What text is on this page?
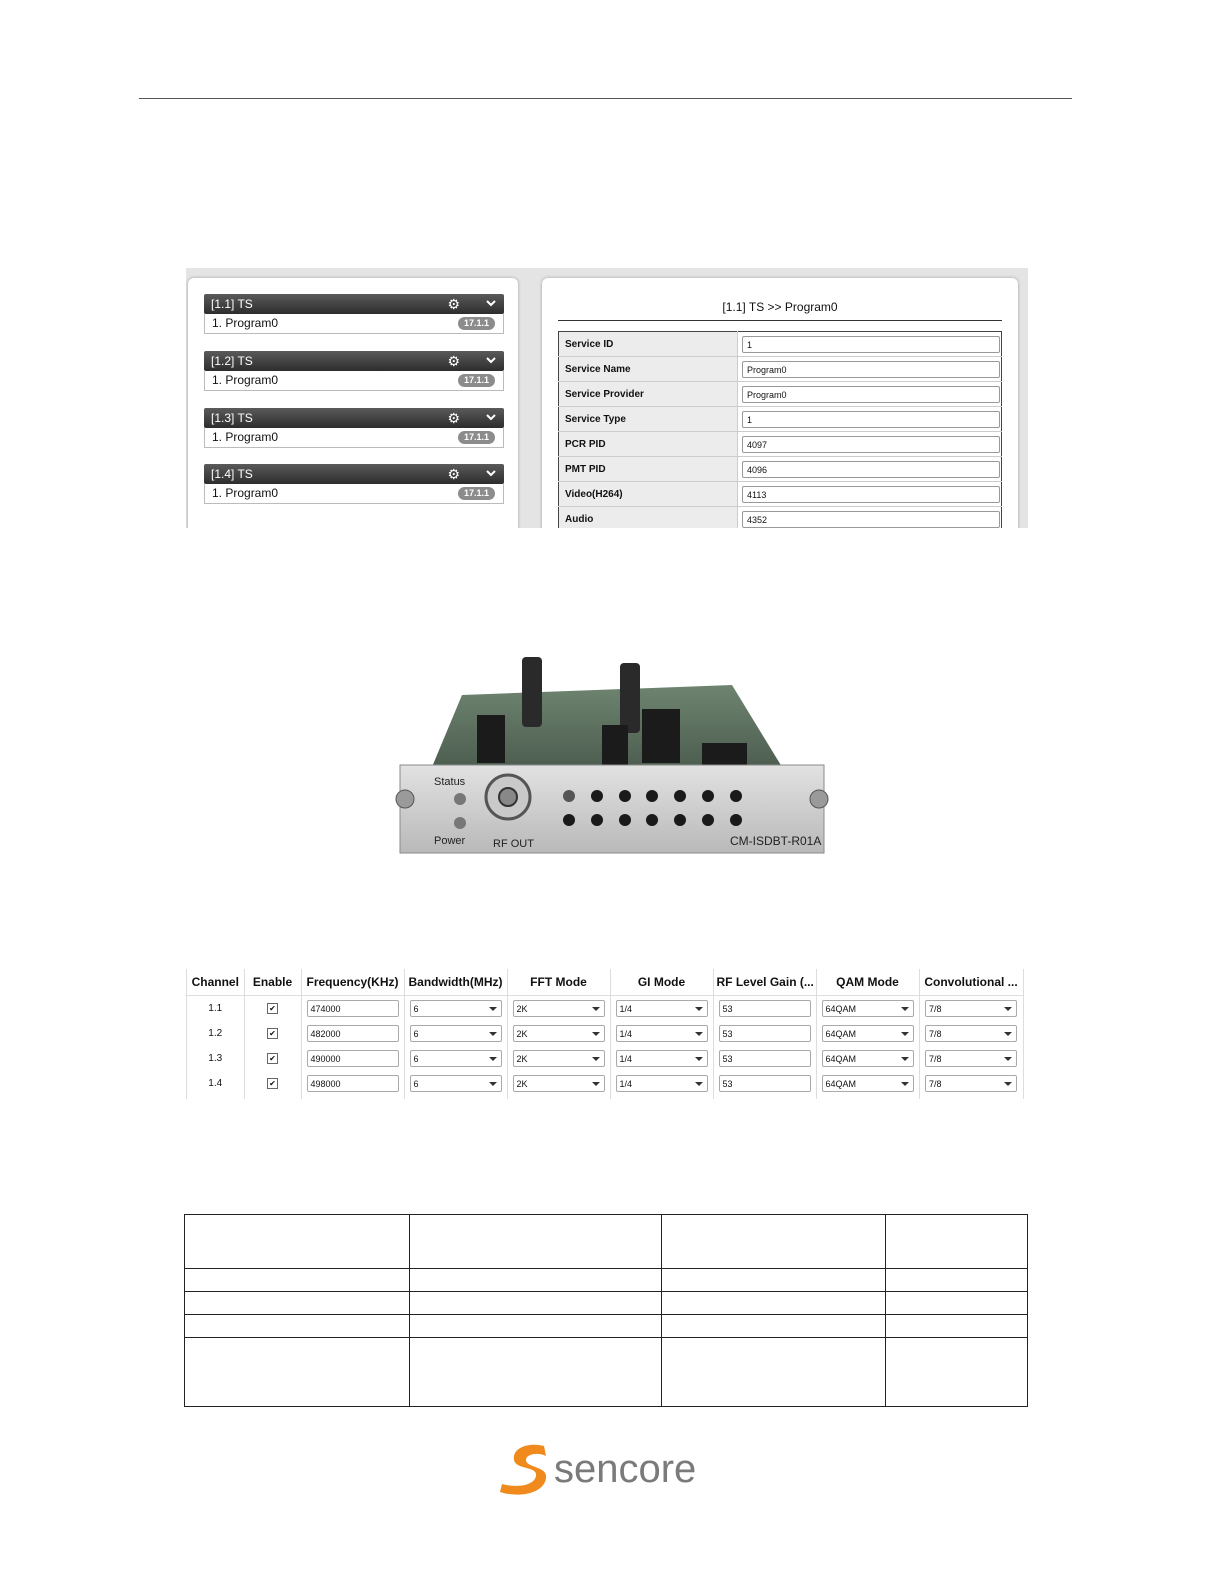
[1.1] TS	⚙
1. Program0	17.1.1
[1.2] TS	⚙
1. Program0	17.1.1
[1.3] TS	⚙
1. Program0	17.1.1
[1.4] TS	⚙
1. Program0	17.1.1
[1.1] TS >> Program0
Service ID	1

Service Name	Program0

Service Provider	Program0

Service Type	1

PCR PID	4097

PMT PID	4096

Video(H264)	4113

Audio	4352
Status
Power	RF OUT	CM-ISDBT-R01A
Channel	Enable	Frequency(KHz)	Bandwidth(MHz)	FFT Mode	GI Mode	RF Level Gain (...	QAM Mode	Convolutional ...
1.1	✔	474000	6	2K	1/4	53	64QAM	7/8

1.2	✔	482000	6	2K	1/4	53	64QAM	7/8

1.3	✔	490000	6	2K	1/4	53	64QAM	7/8

1.4	✔	498000	6	2K	1/4	53	64QAM	7/8

sencore
